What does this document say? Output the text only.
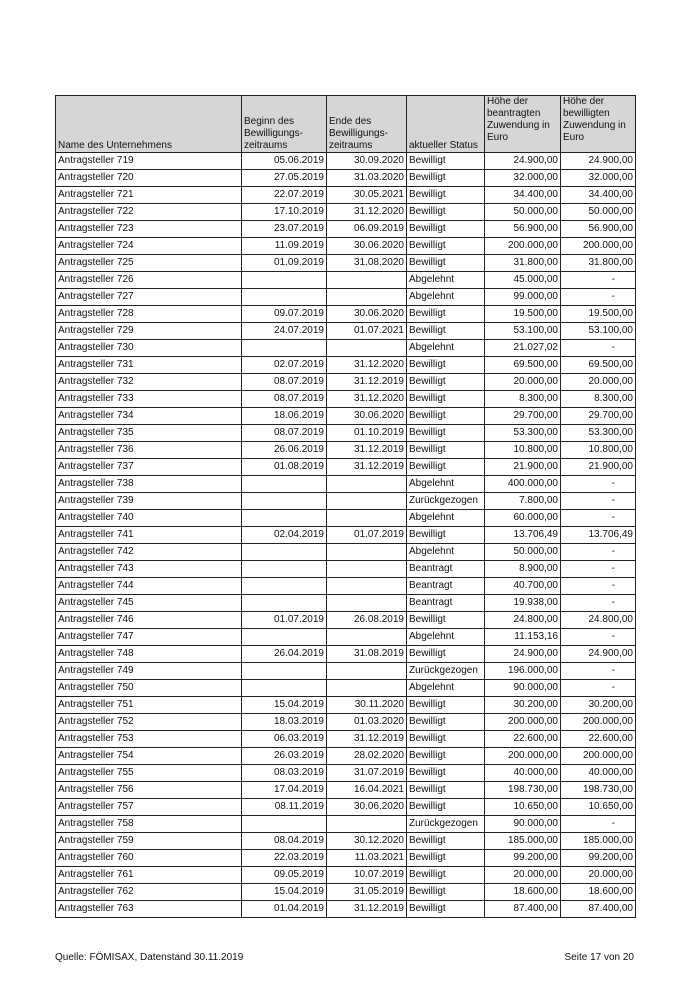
Name des Unternehmens	Beginn des Bewilligungs-zeitraums	Ende des Bewilligungs-zeitraums	aktueller Status	Höhe der beantragten Zuwendung in Euro	Höhe der bewilligten Zuwendung in Euro
Antragsteller 719	05.06.2019	30.09.2020	Bewilligt	24.900,00	24.900,00
Antragsteller 720	27.05.2019	31.03.2020	Bewilligt	32.000,00	32.000,00
Antragsteller 721	22.07.2019	30.05.2021	Bewilligt	34.400,00	34.400,00
Antragsteller 722	17.10.2019	31.12.2020	Bewilligt	50.000,00	50.000,00
Antragsteller 723	23.07.2019	06.09.2019	Bewilligt	56.900,00	56.900,00
Antragsteller 724	11.09.2019	30.06.2020	Bewilligt	200.000,00	200.000,00
Antragsteller 725	01.09.2019	31.08.2020	Bewilligt	31.800,00	31.800,00
Antragsteller 726			Abgelehnt	45.000,00	-
Antragsteller 727			Abgelehnt	99.000,00	-
Antragsteller 728	09.07.2019	30.06.2020	Bewilligt	19.500,00	19.500,00
Antragsteller 729	24.07.2019	01.07.2021	Bewilligt	53.100,00	53.100,00
Antragsteller 730			Abgelehnt	21.027,02	-
Antragsteller 731	02.07.2019	31.12.2020	Bewilligt	69.500,00	69.500,00
Antragsteller 732	08.07.2019	31.12.2019	Bewilligt	20.000,00	20.000,00
Antragsteller 733	08.07.2019	31.12.2020	Bewilligt	8.300,00	8.300,00
Antragsteller 734	18.06.2019	30.06.2020	Bewilligt	29.700,00	29.700,00
Antragsteller 735	08.07.2019	01.10.2019	Bewilligt	53.300,00	53.300,00
Antragsteller 736	26.06.2019	31.12.2019	Bewilligt	10.800,00	10.800,00
Antragsteller 737	01.08.2019	31.12.2019	Bewilligt	21.900,00	21.900,00
Antragsteller 738			Abgelehnt	400.000,00	-
Antragsteller 739			Zurückgezogen	7.800,00	-
Antragsteller 740			Abgelehnt	60.000,00	-
Antragsteller 741	02.04.2019	01.07.2019	Bewilligt	13.706,49	13.706,49
Antragsteller 742			Abgelehnt	50.000,00	-
Antragsteller 743			Beantragt	8.900,00	-
Antragsteller 744			Beantragt	40.700,00	-
Antragsteller 745			Beantragt	19.938,00	-
Antragsteller 746	01.07.2019	26.08.2019	Bewilligt	24.800,00	24.800,00
Antragsteller 747			Abgelehnt	11.153,16	-
Antragsteller 748	26.04.2019	31.08.2019	Bewilligt	24.900,00	24.900,00
Antragsteller 749			Zurückgezogen	196.000,00	-
Antragsteller 750			Abgelehnt	90.000,00	-
Antragsteller 751	15.04.2019	30.11.2020	Bewilligt	30.200,00	30.200,00
Antragsteller 752	18.03.2019	01.03.2020	Bewilligt	200.000,00	200.000,00
Antragsteller 753	06.03.2019	31.12.2019	Bewilligt	22.600,00	22.600,00
Antragsteller 754	26.03.2019	28.02.2020	Bewilligt	200.000,00	200.000,00
Antragsteller 755	08.03.2019	31.07.2019	Bewilligt	40.000,00	40.000,00
Antragsteller 756	17.04.2019	16.04.2021	Bewilligt	198.730,00	198.730,00
Antragsteller 757	08.11.2019	30.06.2020	Bewilligt	10.650,00	10.650,00
Antragsteller 758			Zurückgezogen	90.000,00	-
Antragsteller 759	08.04.2019	30.12.2020	Bewilligt	185.000,00	185.000,00
Antragsteller 760	22.03.2019	11.03.2021	Bewilligt	99.200,00	99.200,00
Antragsteller 761	09.05.2019	10.07.2019	Bewilligt	20.000,00	20.000,00
Antragsteller 762	15.04.2019	31.05.2019	Bewilligt	18.600,00	18.600,00
Antragsteller 763	01.04.2019	31.12.2019	Bewilligt	87.400,00	87.400,00
Quelle: FÖMISAX, Datenstand 30.11.2019	Seite 17 von 20
